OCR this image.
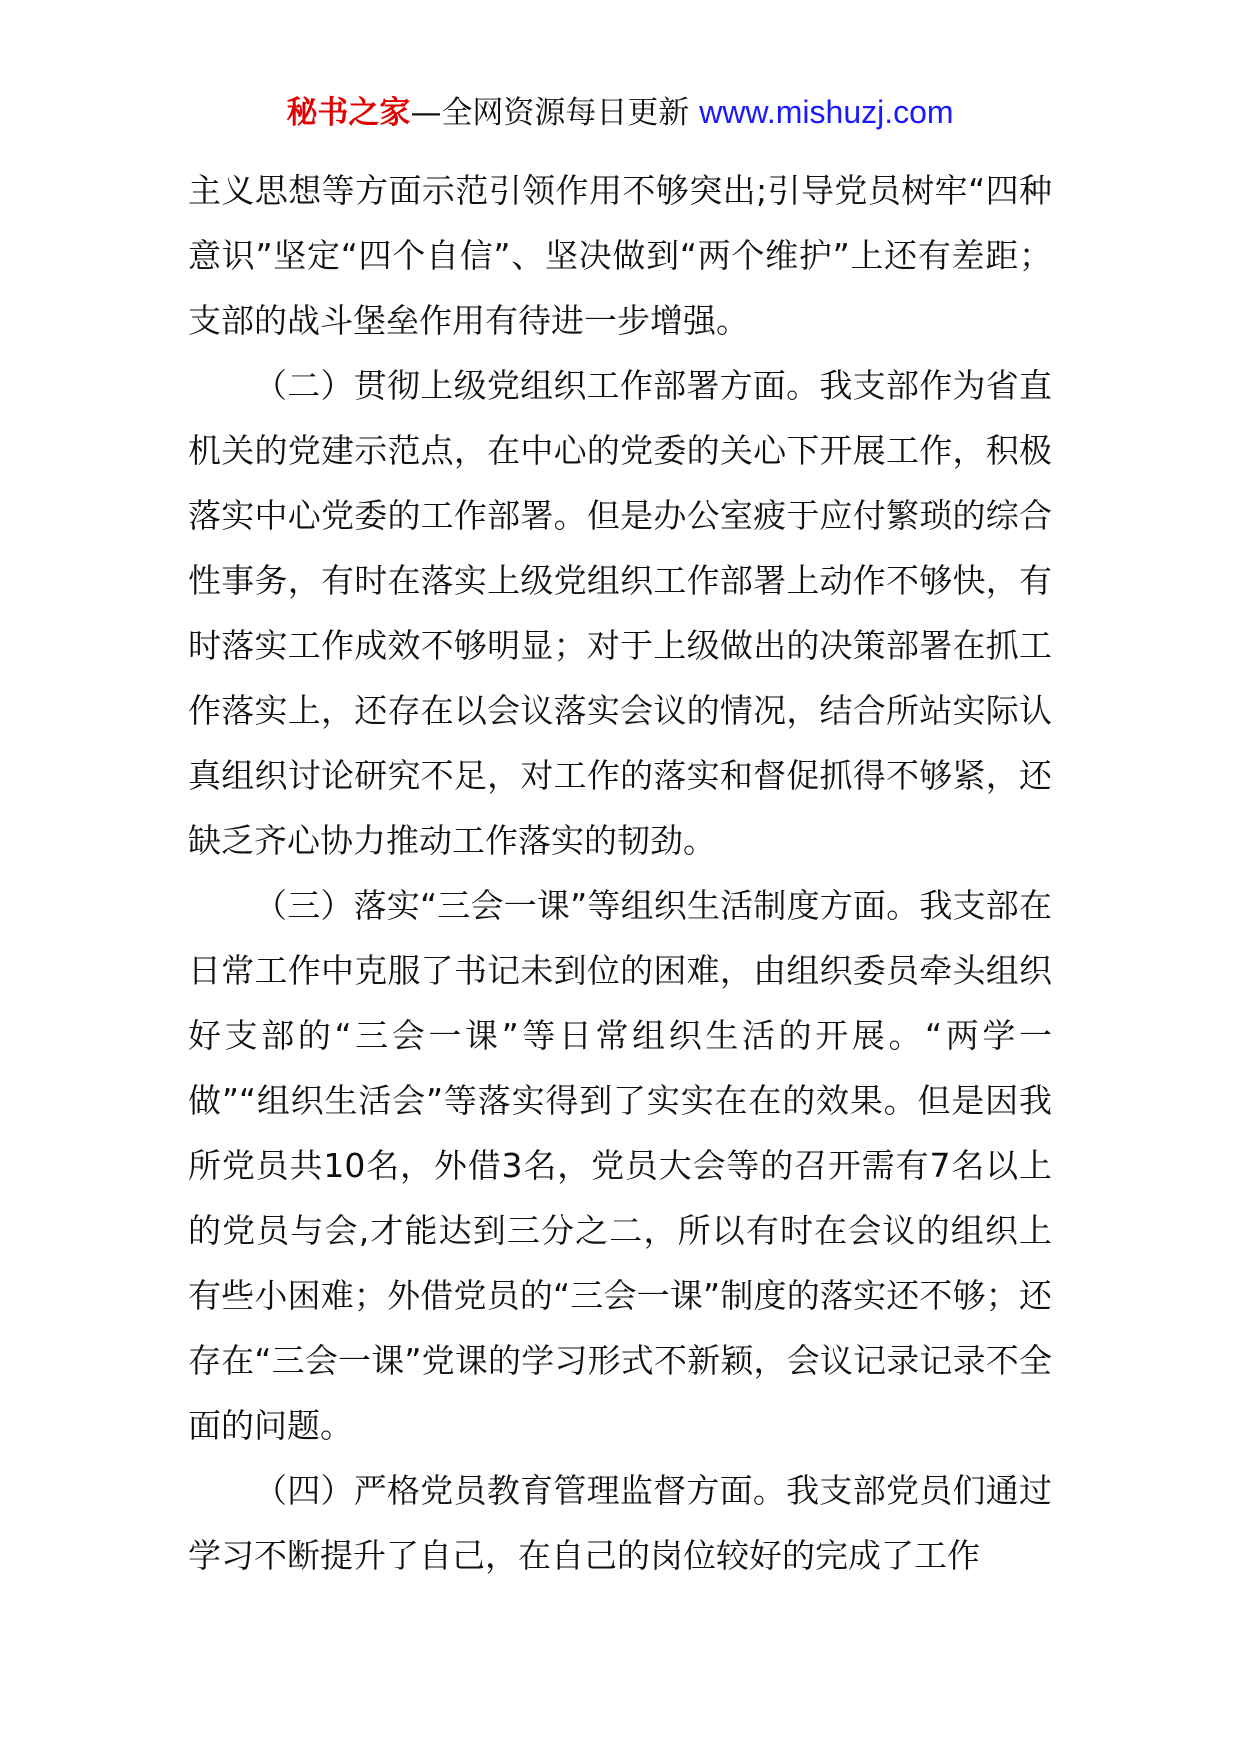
秘书之家—全网资源每日更新 www.mishuzj.com

主义思想等方面示范引领作用不够突出;引导党员树牢“四种意识”坚定“四个自信”、坚决做到“两个维护”上还有差距；支部的战斗堡垒作用有待进一步增强。

（二）贯彻上级党组织工作部署方面。我支部作为省直机关的党建示范点，在中心的党委的关心下开展工作，积极落实中心党委的工作部署。但是办公室疲于应付繁琐的综合性事务，有时在落实上级党组织工作部署上动作不够快，有时落实工作成效不够明显；对于上级做出的决策部署在抓工作落实上，还存在以会议落实会议的情况，结合所站实际认真组织讨论研究不足，对工作的落实和督促抓得不够紧，还缺乏齐心协力推动工作落实的韧劲。

（三）落实“三会一课”等组织生活制度方面。我支部在日常工作中克服了书记未到位的困难，由组织委员牵头组织好支部的“三会一课”等日常组织生活的开展。“两学一做”“组织生活会”等落实得到了实实在在的效果。但是因我所党员共10名，外借3名，党员大会等的召开需有7名以上的党员与会,才能达到三分之二，所以有时在会议的组织上有些小困难；外借党员的“三会一课”制度的落实还不够；还存在“三会一课”党课的学习形式不新颖，会议记录记录不全面的问题。

（四）严格党员教育管理监督方面。我支部党员们通过学习不断提升了自己，在自己的岗位较好的完成了工作
